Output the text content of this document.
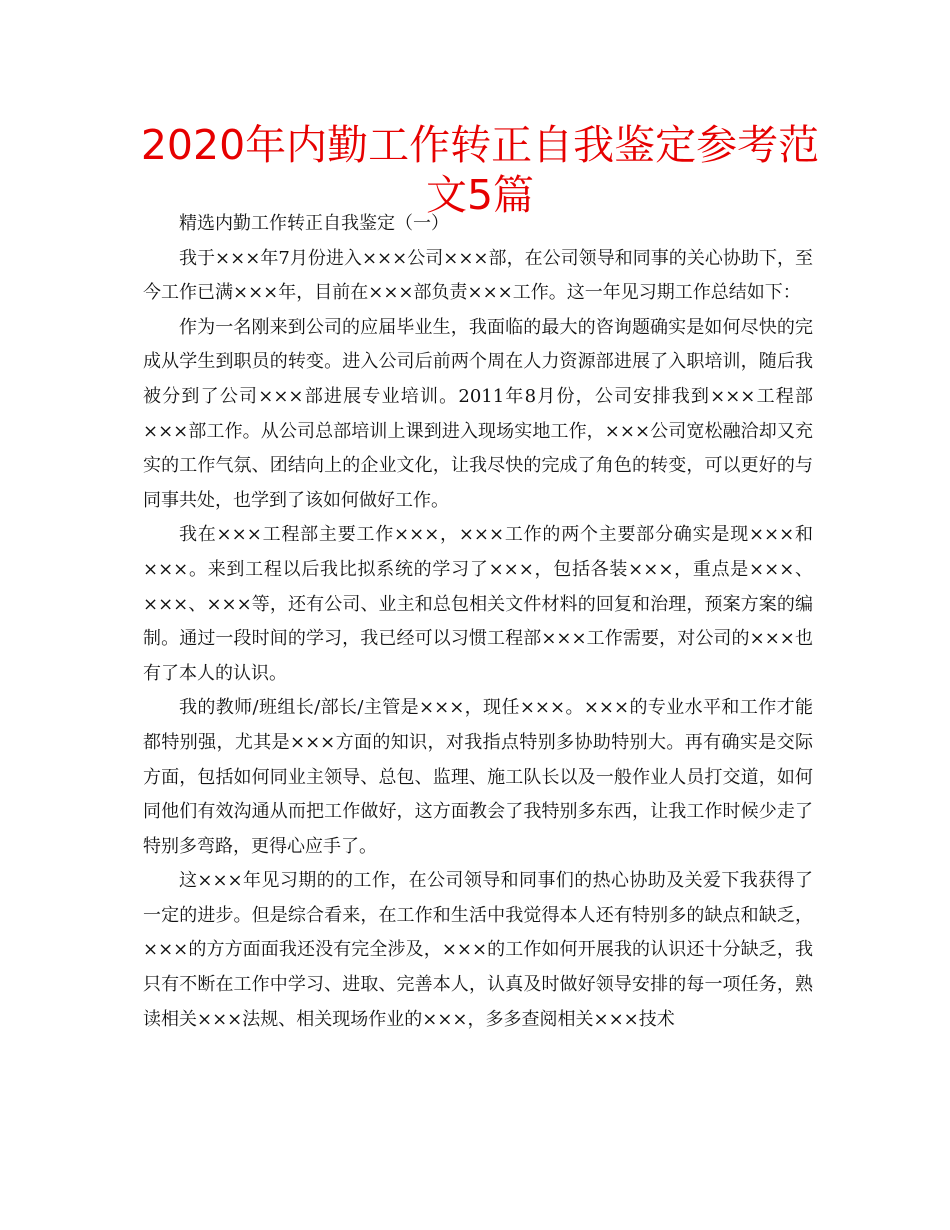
2020年内勤工作转正自我鉴定参考范文5篇

精选内勤工作转正自我鉴定（一）

我于×××年7月份进入×××公司×××部，在公司领导和同事的关心协助下，至今工作已满×××年，目前在×××部负责×××工作。这一年见习期工作总结如下：

作为一名刚来到公司的应届毕业生，我面临的最大的咨询题确实是如何尽快的完成从学生到职员的转变。进入公司后前两个周在人力资源部进展了入职培训，随后我被分到了公司×××部进展专业培训。2011年8月份，公司安排我到×××工程部×××部工作。从公司总部培训上课到进入现场实地工作，×××公司宽松融洽却又充实的工作气氛、团结向上的企业文化，让我尽快的完成了角色的转变，可以更好的与同事共处，也学到了该如何做好工作。

我在×××工程部主要工作×××，×××工作的两个主要部分确实是现×××和×××。来到工程以后我比拟系统的学习了×××，包括各装×××，重点是×××、×××、×××等，还有公司、业主和总包相关文件材料的回复和治理，预案方案的编制。通过一段时间的学习，我已经可以习惯工程部×××工作需要，对公司的×××也有了本人的认识。

我的教师/班组长/部长/主管是×××，现任×××。×××的专业水平和工作才能都特别强，尤其是×××方面的知识，对我指点特别多协助特别大。再有确实是交际方面，包括如何同业主领导、总包、监理、施工队长以及一般作业人员打交道，如何同他们有效沟通从而把工作做好，这方面教会了我特别多东西，让我工作时候少走了特别多弯路，更得心应手了。

这×××年见习期的的工作，在公司领导和同事们的热心协助及关爱下我获得了一定的进步。但是综合看来，在工作和生活中我觉得本人还有特别多的缺点和缺乏，×××的方方面面我还没有完全涉及，×××的工作如何开展我的认识还十分缺乏，我只有不断在工作中学习、进取、完善本人，认真及时做好领导安排的每一项任务，熟读相关×××法规、相关现场作业的×××，多多查阅相关×××技术
